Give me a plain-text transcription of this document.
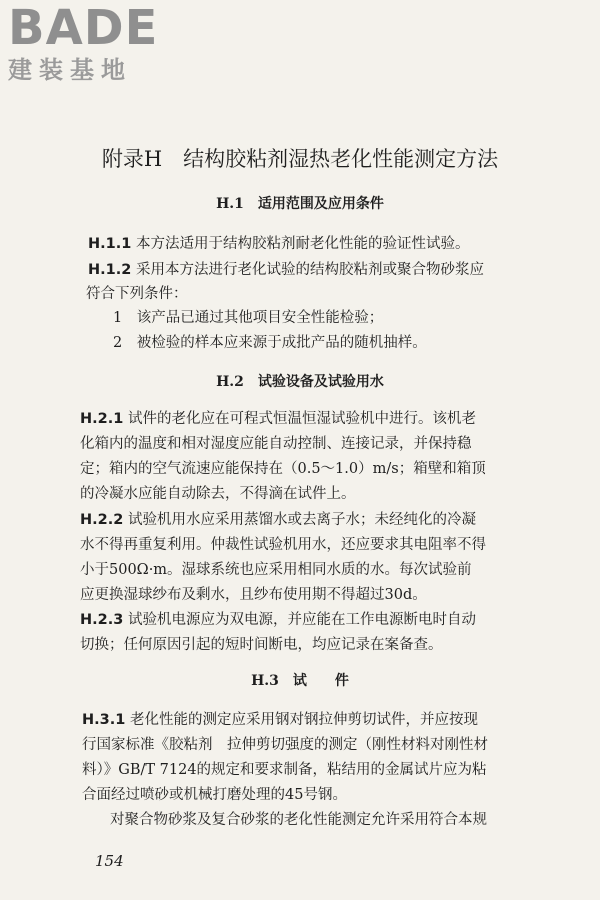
BADE
建装基地
附录H　结构胶粘剂湿热老化性能测定方法
H.1　适用范围及应用条件
H.1.1 本方法适用于结构胶粘剂耐老化性能的验证性试验。
H.1.2 采用本方法进行老化试验的结构胶粘剂或聚合物砂浆应
符合下列条件：
1　该产品已通过其他项目安全性能检验；
2　被检验的样本应来源于成批产品的随机抽样。
H.2　试验设备及试验用水
H.2.1 试件的老化应在可程式恒温恒湿试验机中进行。该机老
化箱内的温度和相对湿度应能自动控制、连接记录，并保持稳
定；箱内的空气流速应能保持在（0.5～1.0）m/s；箱壁和箱顶
的冷凝水应能自动除去，不得滴在试件上。
H.2.2 试验机用水应采用蒸馏水或去离子水；未经纯化的冷凝
水不得再重复利用。仲裁性试验机用水，还应要求其电阻率不得
小于500Ω·m。湿球系统也应采用相同水质的水。每次试验前
应更换湿球纱布及剩水，且纱布使用期不得超过30d。
H.2.3 试验机电源应为双电源，并应能在工作电源断电时自动
切换；任何原因引起的短时间断电，均应记录在案备查。
H.3　试　　件
H.3.1 老化性能的测定应采用钢对钢拉伸剪切试件，并应按现
行国家标准《胶粘剂　拉伸剪切强度的测定（刚性材料对刚性材
料）》GB/T 7124的规定和要求制备，粘结用的金属试片应为粘
合面经过喷砂或机械打磨处理的45号钢。
对聚合物砂浆及复合砂浆的老化性能测定允许采用符合本规
154
